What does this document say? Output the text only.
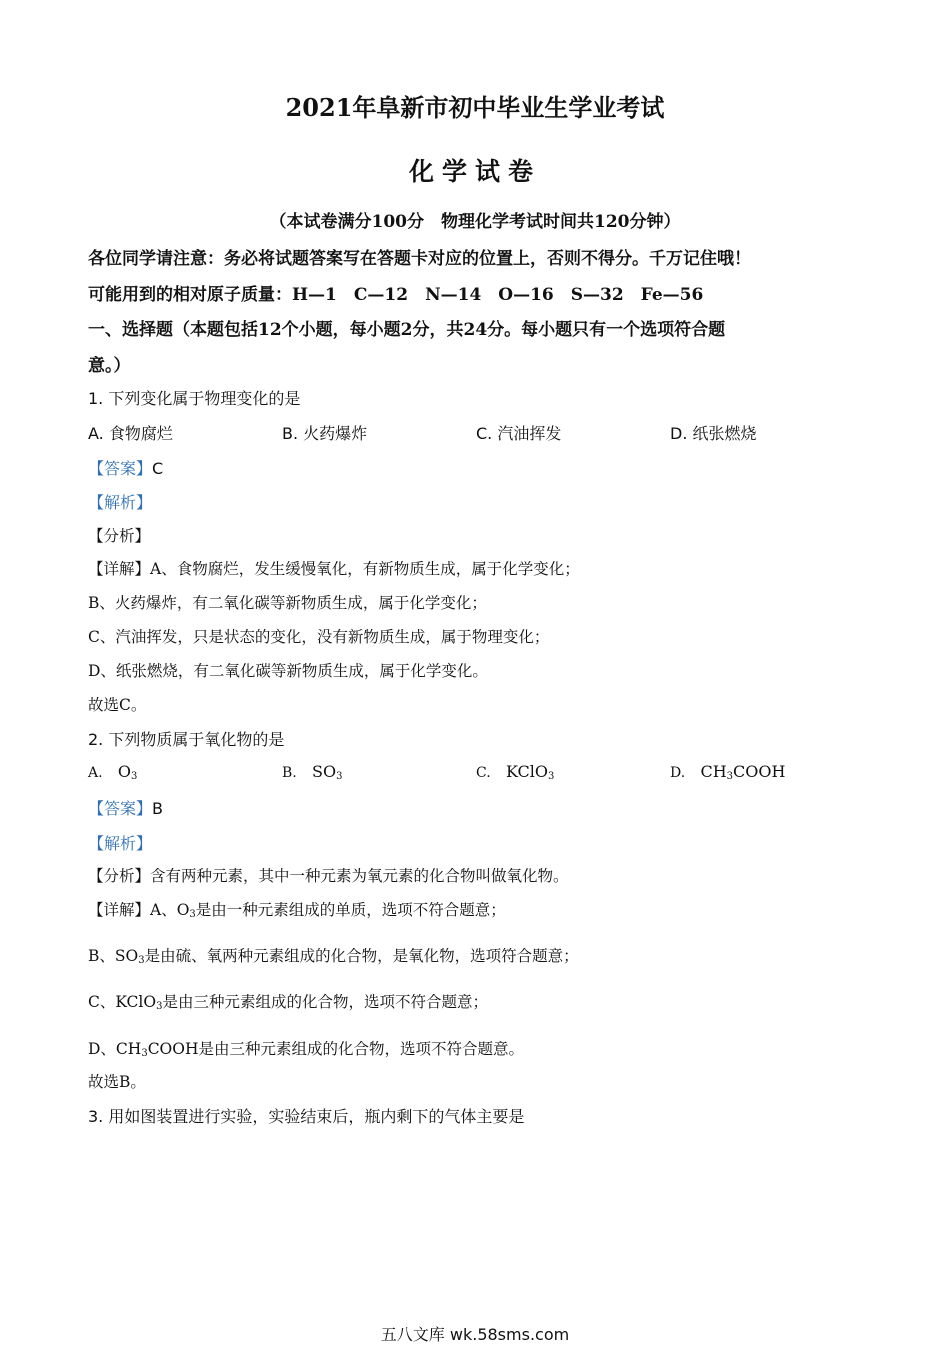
2021年阜新市初中毕业生学业考试
化学试卷
（本试卷满分100分　物理化学考试时间共120分钟）
各位同学请注意：务必将试题答案写在答题卡对应的位置上，否则不得分。千万记住哦！
可能用到的相对原子质量：H—1　C—12　N—14　O—16　S—32　Fe—56
一、选择题（本题包括12个小题，每小题2分，共24分。每小题只有一个选项符合题
意。）
1. 下列变化属于物理变化的是
A. 食物腐烂	B. 火药爆炸	C. 汽油挥发	D. 纸张燃烧
【答案】C
【解析】
【分析】
【详解】A、食物腐烂，发生缓慢氧化，有新物质生成，属于化学变化；
B、火药爆炸，有二氧化碳等新物质生成，属于化学变化；
C、汽油挥发，只是状态的变化，没有新物质生成，属于物理变化；
D、纸张燃烧，有二氧化碳等新物质生成，属于化学变化。
故选C。
2. 下列物质属于氧化物的是
A. $O_3$	B. $SO_3$	C. KClO$_3$	D. $CH_3COOH$
【答案】B
【解析】
【分析】含有两种元素，其中一种元素为氧元素的化合物叫做氧化物。
【详解】A、$O_3$是由一种元素组成的单质，选项不符合题意；
B、$SO_3$是由硫、氧两种元素组成的化合物，是氧化物，选项符合题意；
C、KClO$_3$是由三种元素组成的化合物，选项不符合题意；
D、$CH_3COOH$是由三种元素组成的化合物，选项不符合题意。
故选B。
3. 用如图装置进行实验，实验结束后，瓶内剩下的气体主要是
五八文库 wk.58sms.com
